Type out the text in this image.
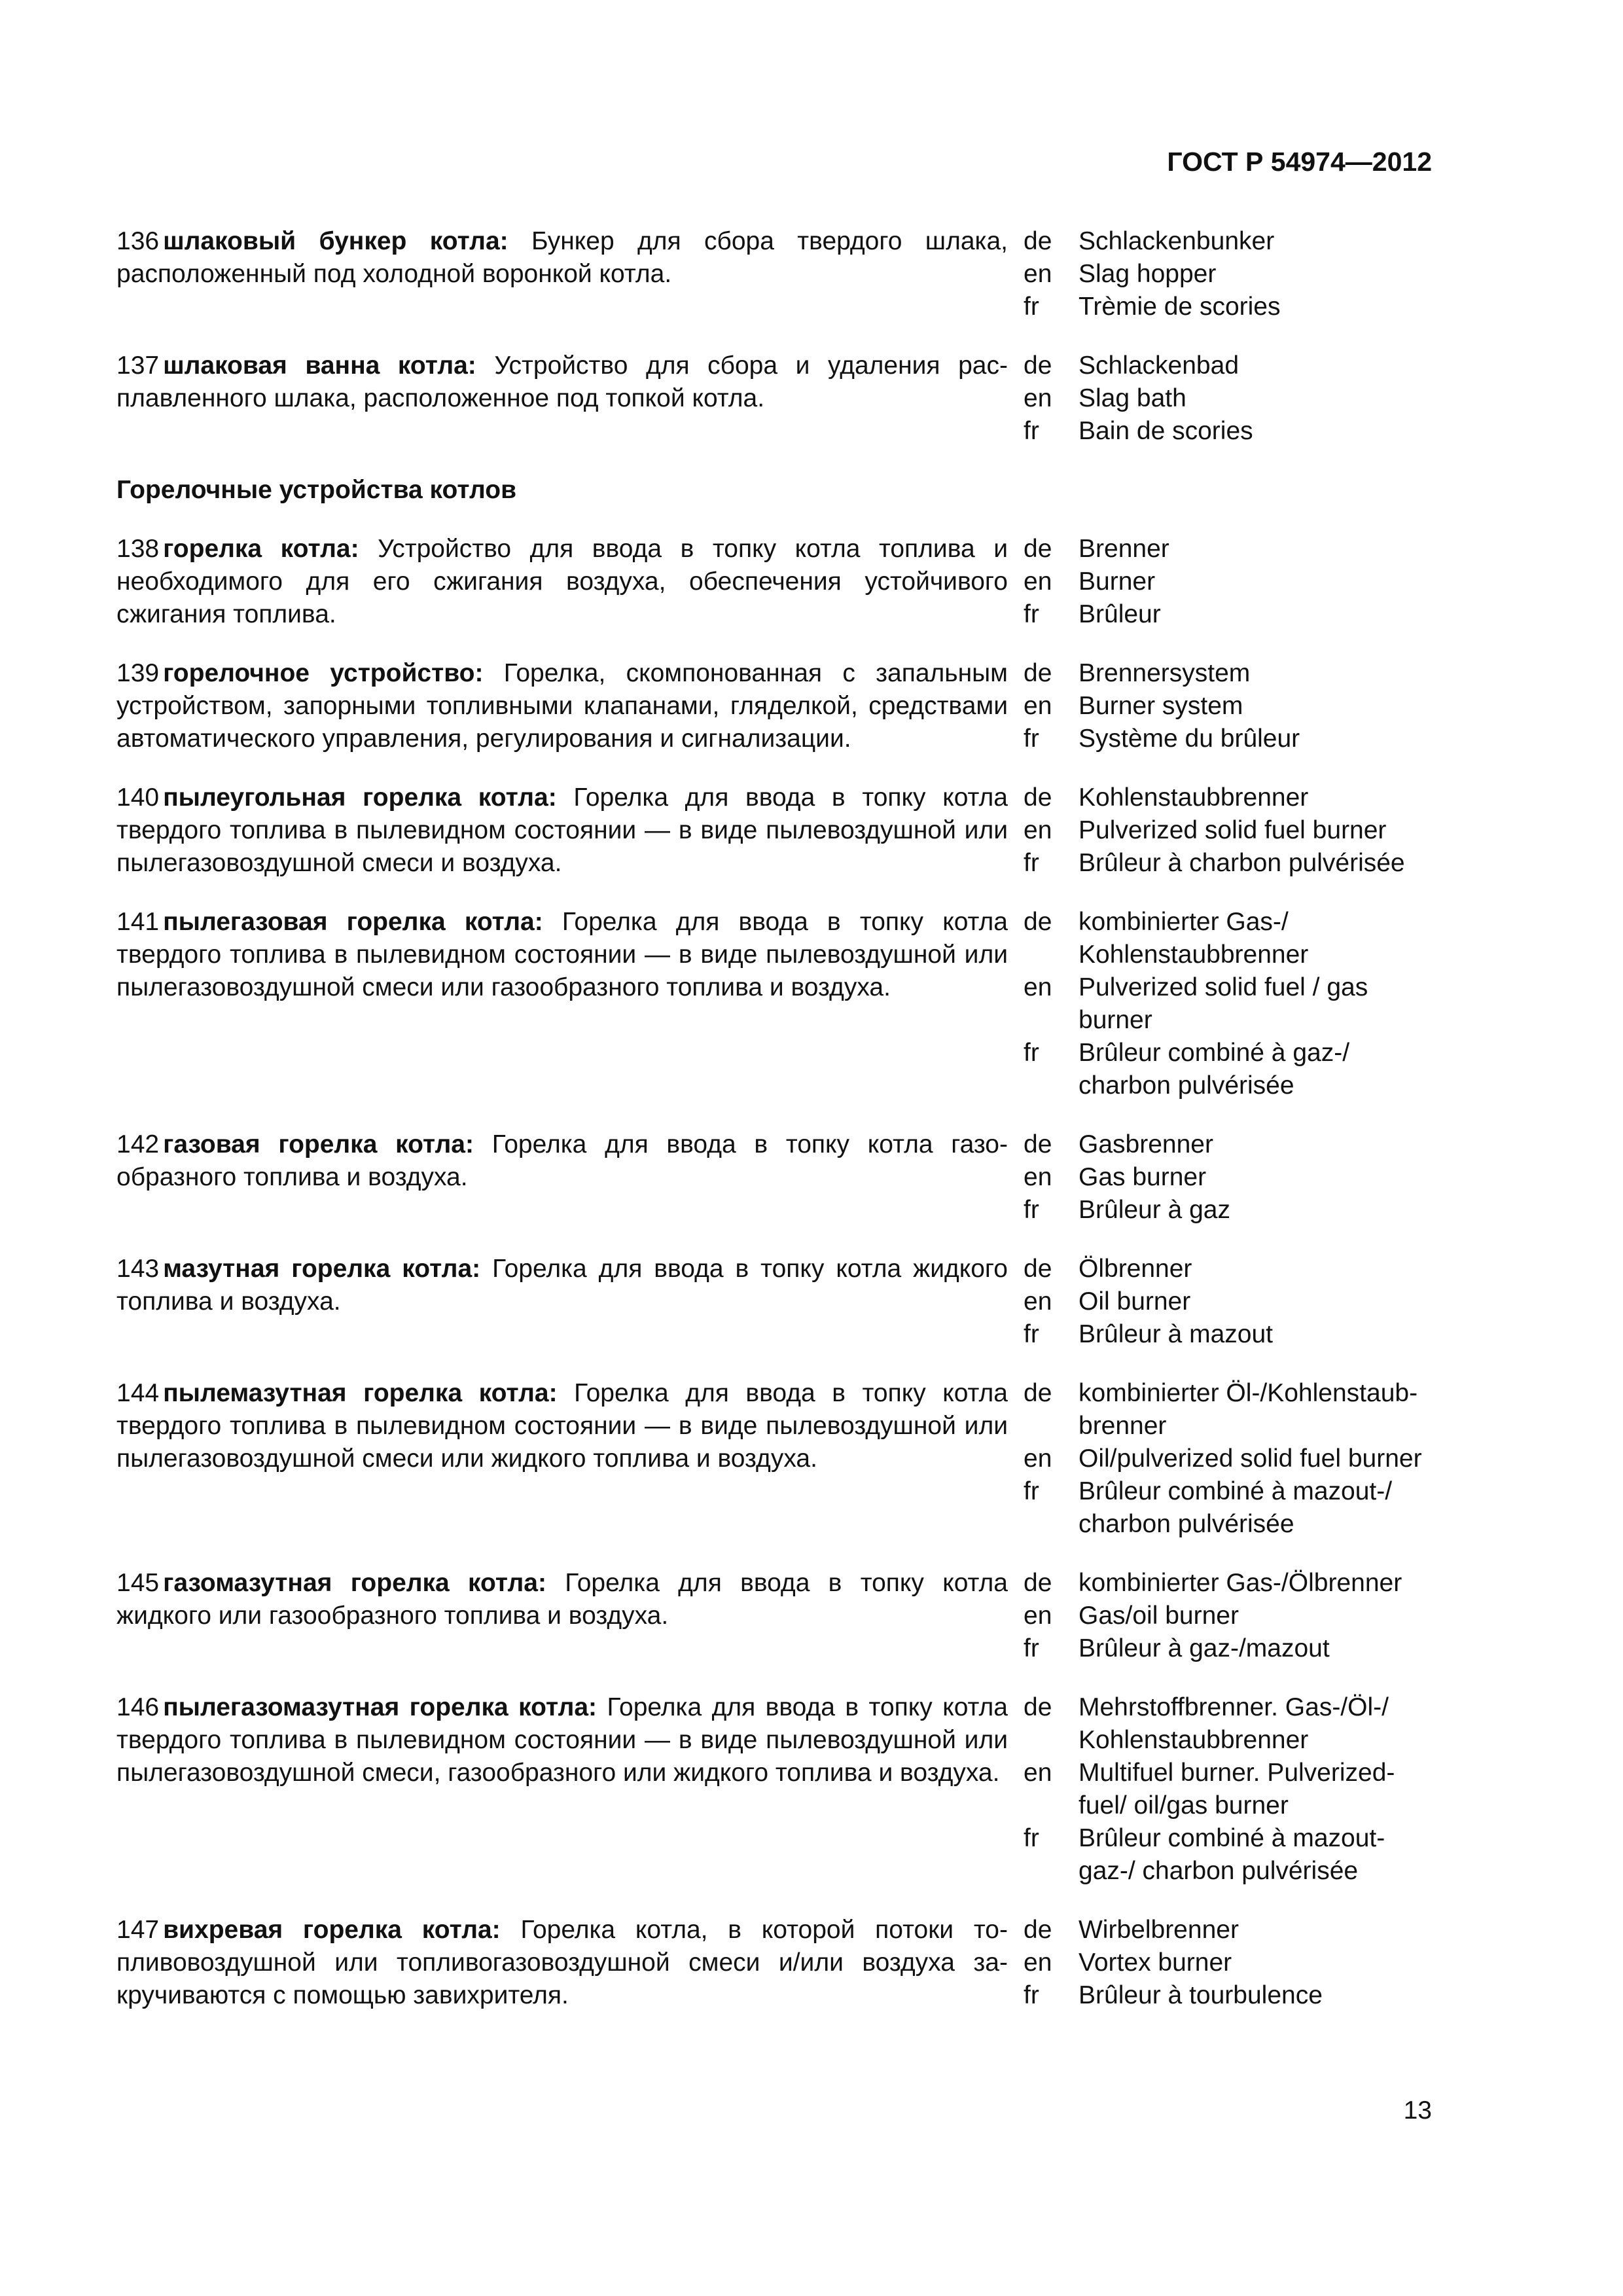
ГОСТ Р 54974—2012
136 шлаковый бункер котла: Бункер для сбора твердого шлака, расположенный под холодной воронкой котла.
de	Schlackenbunker
en	Slag hopper
fr	Trèmie de scories
137 шлаковая ванна котла: Устройство для сбора и удаления расплавленного шлака, расположенное под топкой котла.
de	Schlackenbad
en	Slag bath
fr	Bain de scories
Горелочные устройства котлов
138 горелка котла: Устройство для ввода в топку котла топлива и необходимого для его сжигания воздуха, обеспечения устойчивого сжигания топлива.
de	Brenner
en	Burner
fr	Brûleur
139 горелочное устройство: Горелка, скомпонованная с запальным устройством, запорными топливными клапанами, гляделкой, средствами автоматического управления, регулирования и сигнализации.
de	Brennersystem
en	Burner system
fr	Système du brûleur
140 пылеугольная горелка котла: Горелка для ввода в топку котла твердого топлива в пылевидном состоянии — в виде пылевоздушной или пылегазовоздушной смеси и воздуха.
de	Kohlenstaubbrenner
en	Pulverized solid fuel burner
fr	Brûleur à charbon pulvérisée
141 пылегазовая горелка котла: Горелка для ввода в топку котла твердого топлива в пылевидном состоянии — в виде пылевоздушной или пылегазовоздушной смеси или газообразного топлива и воздуха.
de	kombinierter Gas-/ Kohlenstaubbrenner
en	Pulverized solid fuel / gas burner
fr	Brûleur combiné à gaz-/ charbon pulvérisée
142 газовая горелка котла: Горелка для ввода в топку котла газообразного топлива и воздуха.
de	Gasbrenner
en	Gas burner
fr	Brûleur à gaz
143 мазутная горелка котла: Горелка для ввода в топку котла жидкого топлива и воздуха.
de	Ölbrenner
en	Oil burner
fr	Brûleur à mazout
144 пылемазутная горелка котла: Горелка для ввода в топку котла твердого топлива в пылевидном состоянии — в виде пылевоздушной или пылегазовоздушной смеси или жидкого топлива и воздуха.
de	kombinierter Öl-/Kohlenstaubbrenner
en	Oil/pulverized solid fuel burner
fr	Brûleur combiné à mazout-/ charbon pulvérisée
145 газомазутная горелка котла: Горелка для ввода в топку котла жидкого или газообразного топлива и воздуха.
de	kombinierter Gas-/Ölbrenner
en	Gas/oil burner
fr	Brûleur à gaz-/mazout
146 пылегазомазутная горелка котла: Горелка для ввода в топку котла твердого топлива в пылевидном состоянии — в виде пылевоздушной или пылегазовоздушной смеси, газообразного или жидкого топлива и воздуха.
de	Mehrstoffbrenner. Gas-/Öl-/ Kohlenstaubbrenner
en	Multifuel burner. Pulverized-fuel/ oil/gas burner
fr	Brûleur combiné à mazout-gaz-/ charbon pulvérisée
147 вихревая горелка котла: Горелка котла, в которой потоки топливовоздушной или топливогазовоздушной смеси и/или воздуха закручиваются с помощью завихрителя.
de	Wirbelbrenner
en	Vortex burner
fr	Brûleur à tourbulence
13
